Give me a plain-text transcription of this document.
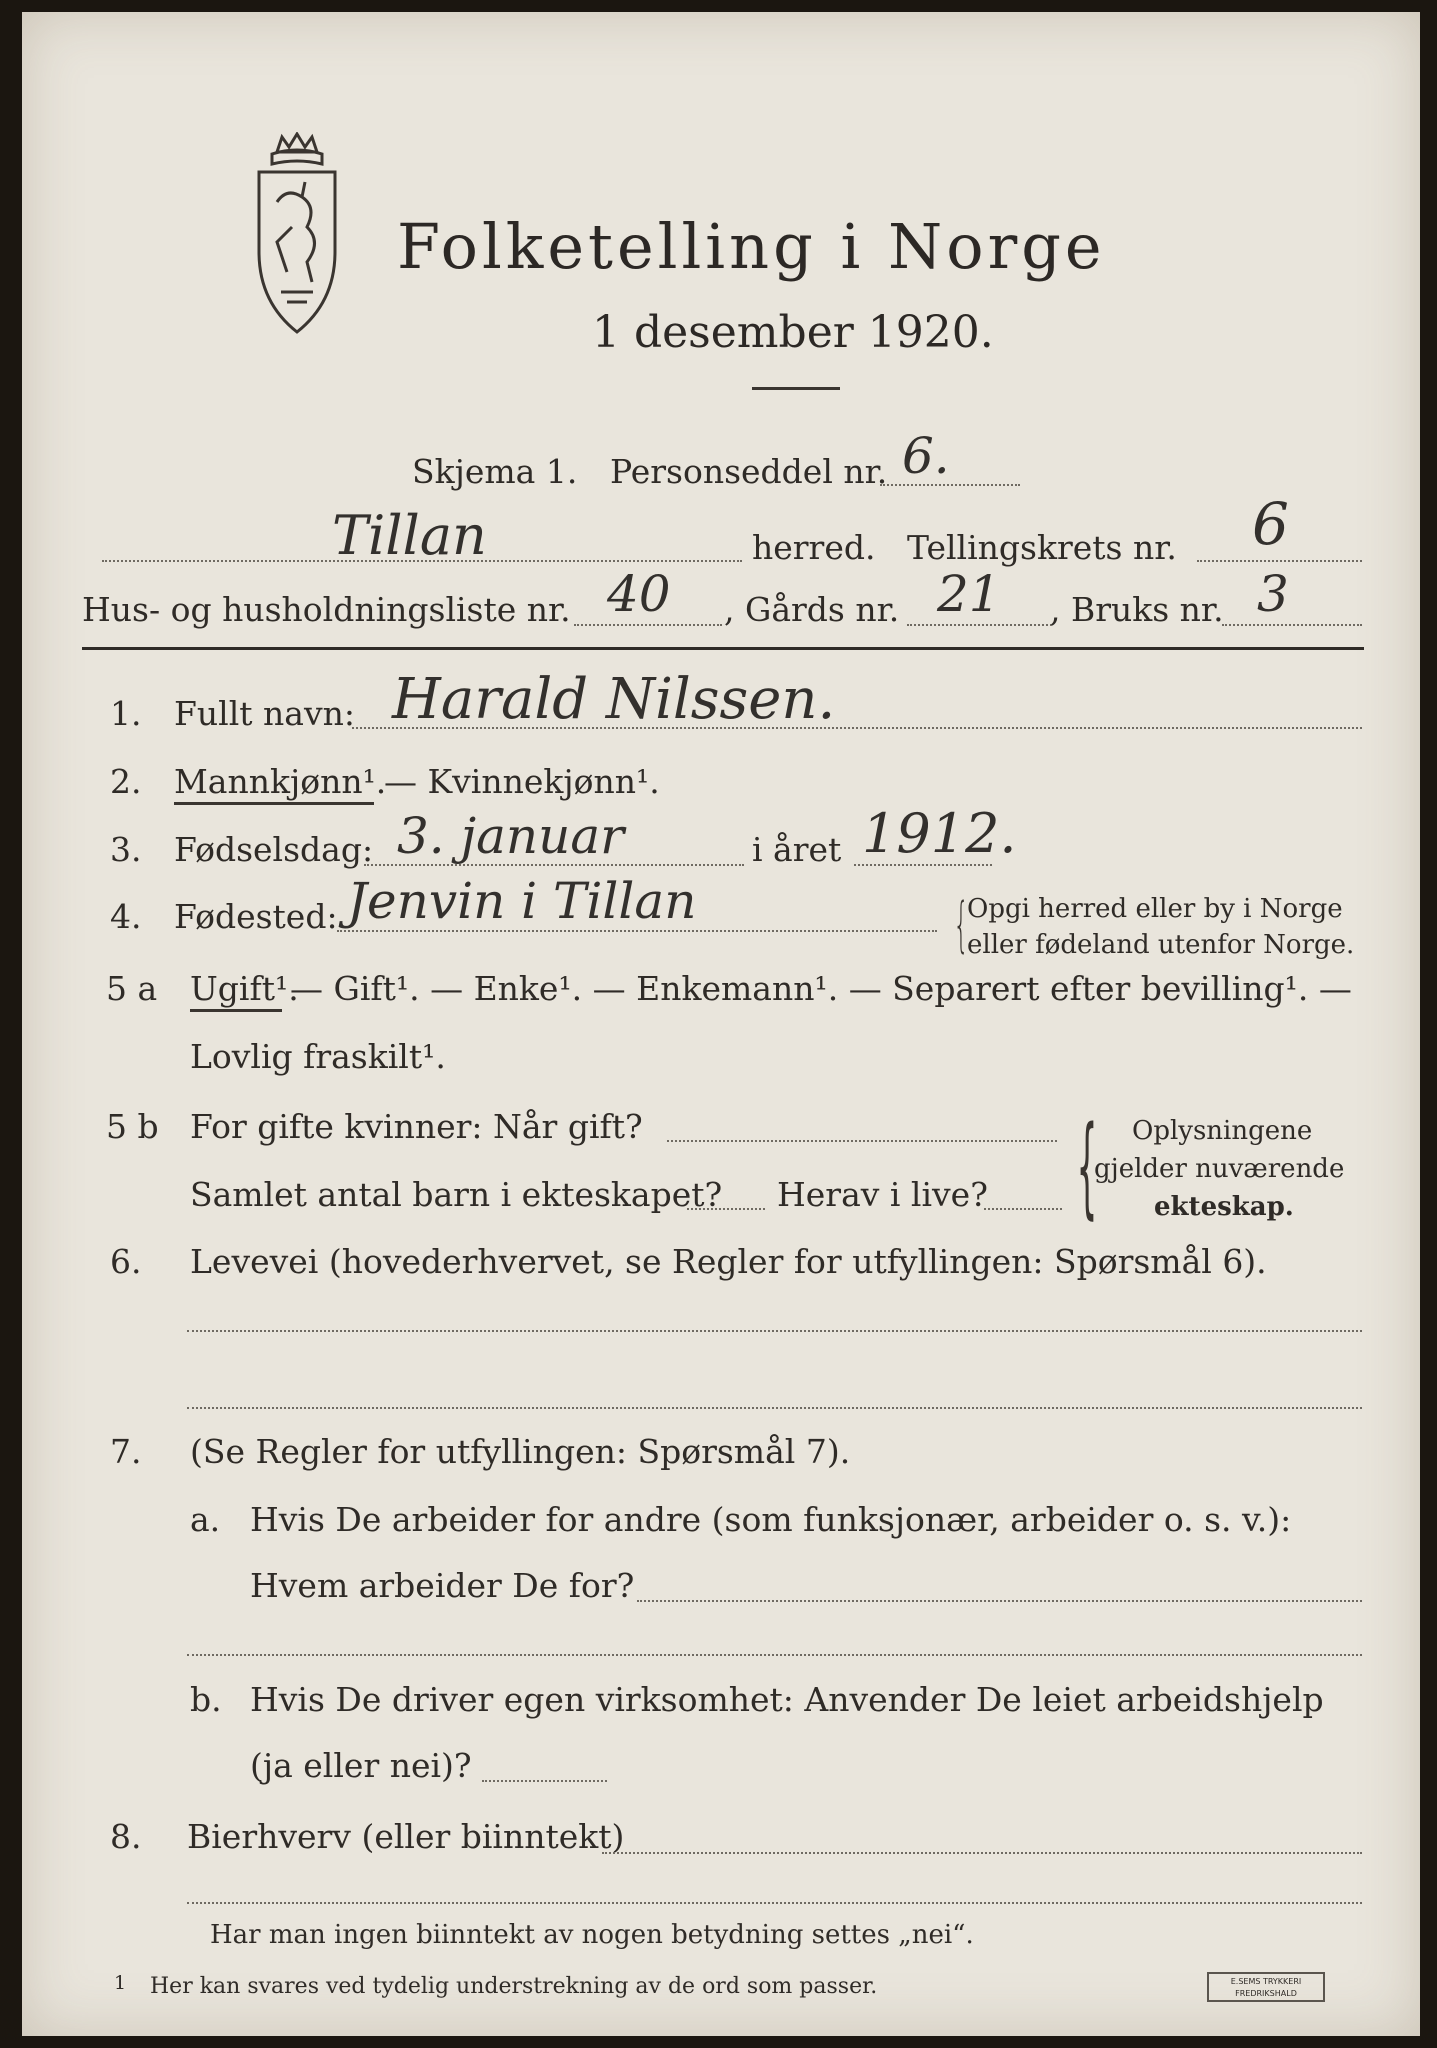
Folketelling i Norge
1 desember 1920.
Skjema 1. Personseddel nr. 6.
Tillan	herred. Tellingskrets nr. 6
Hus- og husholdningsliste nr. 40 , Gårds nr. 21 , Bruks nr. 3
1. Fullt navn: Harald Nilssen.
2. Mannkjønn¹.
— Kvinnekjønn¹.
3. Fødselsdag: 3. januar	i året 1912.
4. Fødested: Jenvin i Tillan	{
Opgi herred eller by i Norge
eller fødeland utenfor Norge.
5 a Ugift¹.
— Gift¹. — Enke¹. — Enkemann¹. — Separert efter bevilling¹. —
Lovlig fraskilt¹.
5 b For gifte kvinner: Når gift?
Samlet antal barn i ekteskapet? Herav i live? { Oplysningene
gjelder nuværende
ekteskap.
6. Levevei (hovederhvervet, se Regler for utfyllingen: Spørsmål 6).
7. (Se Regler for utfyllingen: Spørsmål 7).
a. Hvis De arbeider for andre (som funksjonær, arbeider o. s. v.):
Hvem arbeider De for?
b. Hvis De driver egen virksomhet: Anvender De leiet arbeidshjelp
(ja eller nei)?
8. Bierhverv (eller biinntekt)
Har man ingen biinntekt av nogen betydning settes „nei“.
1 Her kan svares ved tydelig understrekning av de ord som passer.	E.SEMS TRYKKERI
FREDRIKSHALD
